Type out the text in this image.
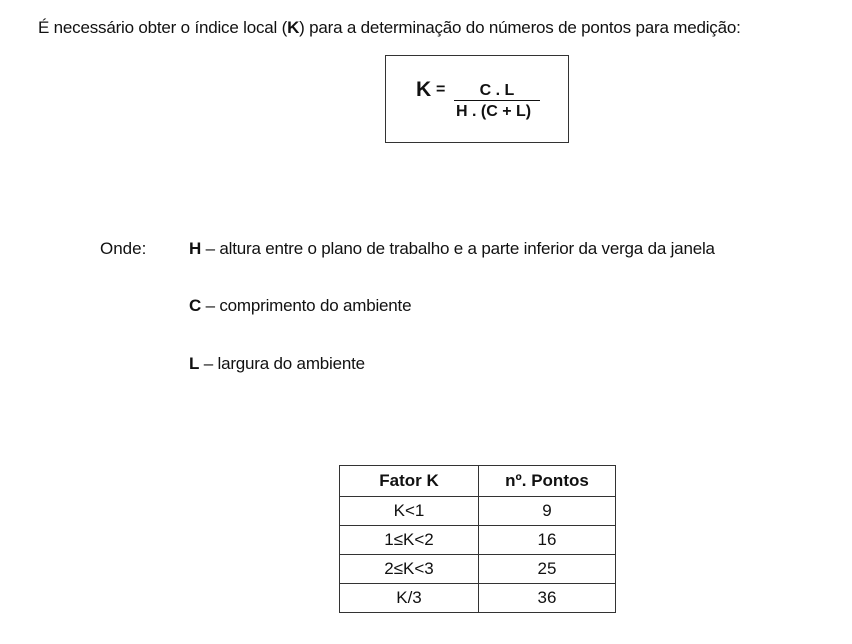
É necessário obter o índice local (K) para a determinação do números de pontos para medição:
K =	C . L
H . (C + L)
Onde:	H – altura entre o plano de trabalho e a parte inferior da verga da janela
C – comprimento do ambiente
L – largura do ambiente
Fator K	nº. Pontos
K<1	9
1≤K<2	16
2≤K<3	25
K/3	36
